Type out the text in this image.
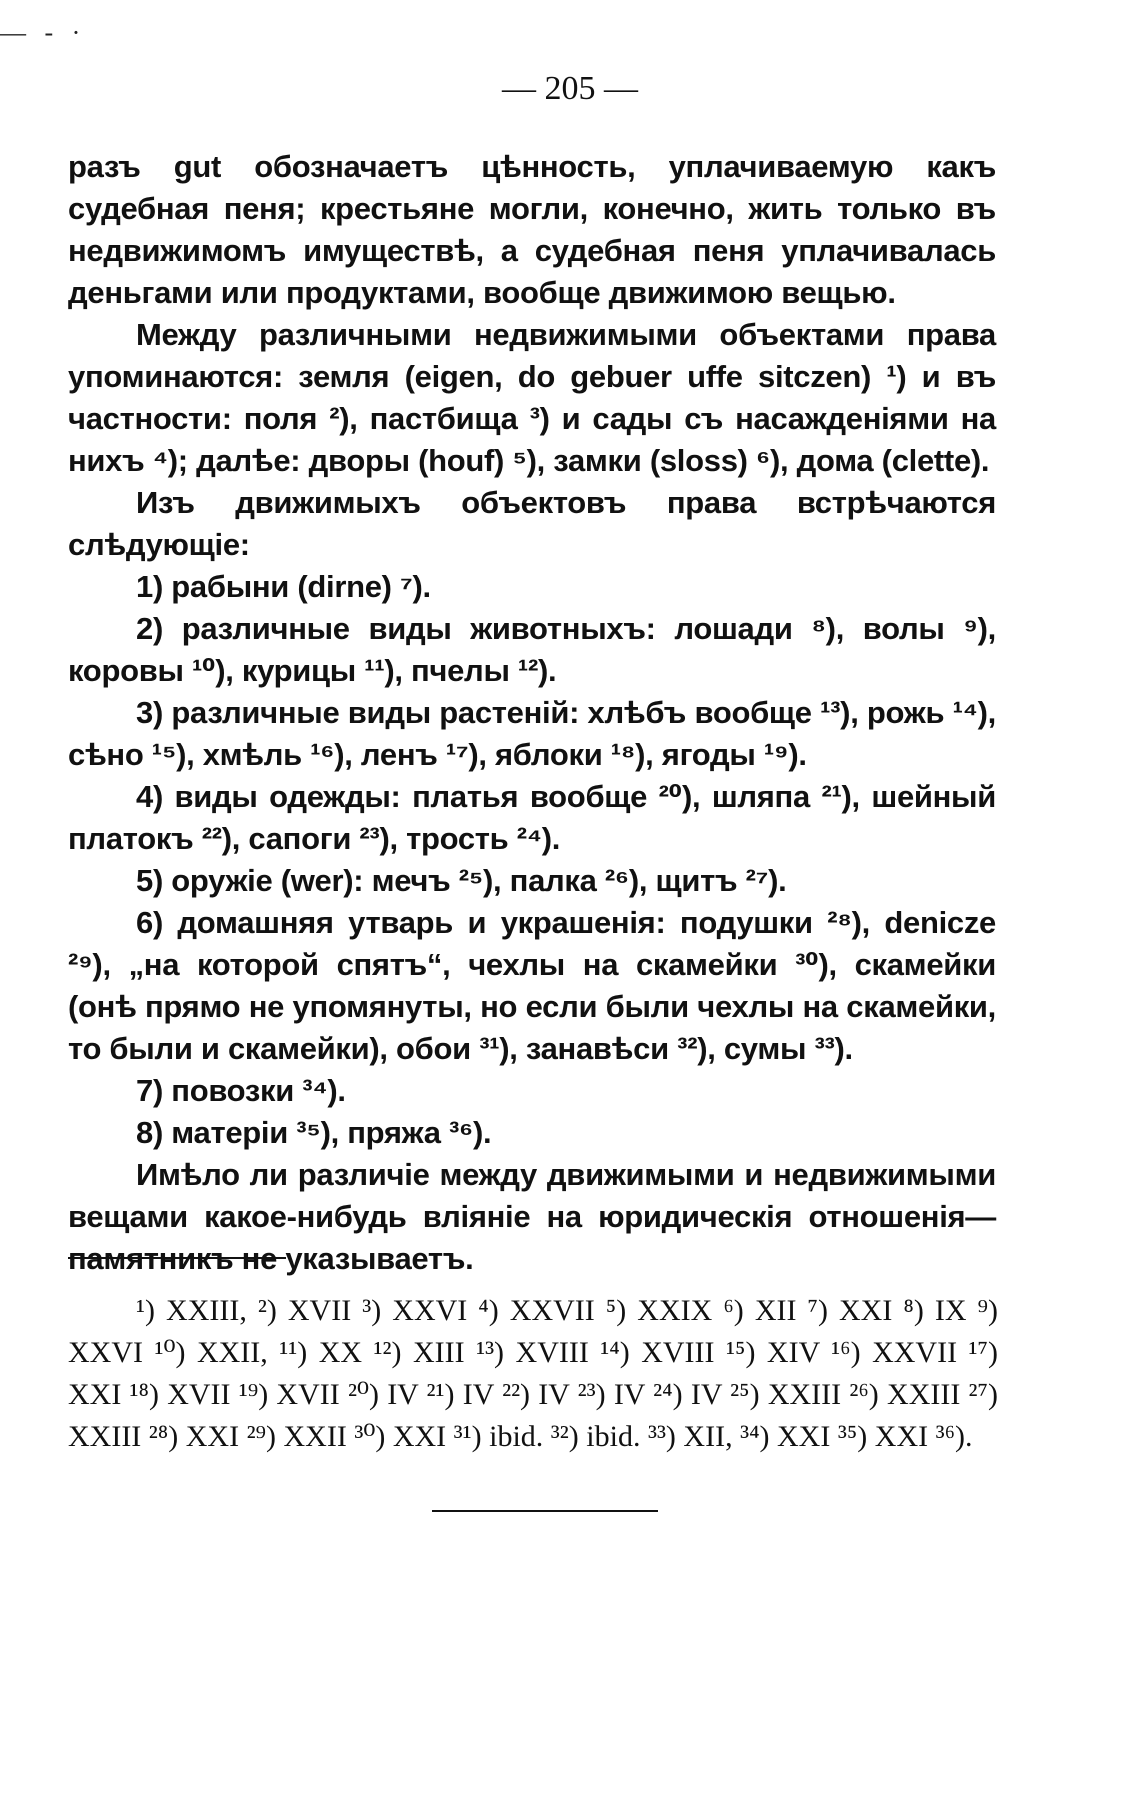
— - ·
— 205 —

разъ gut обозначаетъ цѣнность, уплачиваемую какъ судебная пеня; крестьяне могли, конечно, жить только въ недвижимомъ имуществѣ, а судебная пеня уплачивалась деньгами или продуктами, вообще движимою вещью.

Между различными недвижимыми объектами права упоминаются: земля (eigen, do gebuer uffe sitczen) ¹) и въ частности: поля ²), пастбища ³) и сады съ насажденіями на нихъ ⁴); далѣе: дворы (houf) ⁵), замки (sloss) ⁶), дома (clette).

Изъ движимыхъ объектовъ права встрѣчаются слѣдующіе:

1) рабыни (dirne) ⁷).

2) различные виды животныхъ: лошади ⁸), волы ⁹), коровы ¹⁰), курицы ¹¹), пчелы ¹²).

3) различные виды растеній: хлѣбъ вообще ¹³), рожь ¹⁴), сѣно ¹⁵), хмѣль ¹⁶), ленъ ¹⁷), яблоки ¹⁸), ягоды ¹⁹).

4) виды одежды: платья вообще ²⁰), шляпа ²¹), шейный платокъ ²²), сапоги ²³), трость ²⁴).

5) оружіе (wer): мечъ ²⁵), палка ²⁶), щитъ ²⁷).

6) домашняя утварь и украшенія: подушки ²⁸), denicze ²⁹), „на которой спятъ“, чехлы на скамейки ³⁰), скамейки (онѣ прямо не упомянуты, но если были чехлы на скамейки, то были и скамейки), обои ³¹), занавѣси ³²), сумы ³³).

7) повозки ³⁴).

8) матеріи ³⁵), пряжа ³⁶).

Имѣло ли различіе между движимыми и недвижимыми вещами какое-нибудь вліяніе на юридическія отношенія—памятникъ не указываетъ.

¹) XXIII, ²) XVII ³) XXVI ⁴) XXVII ⁵) XXIX ⁶) XII ⁷) XXI ⁸) IX ⁹) XXVI ¹⁰) XXII, ¹¹) XX ¹²) XIII ¹³) XVIII ¹⁴) XVIII ¹⁵) XIV ¹⁶) XXVII ¹⁷) XXI ¹⁸) XVII ¹⁹) XVII ²⁰) IV ²¹) IV ²²) IV ²³) IV ²⁴) IV ²⁵) XXIII ²⁶) XXIII ²⁷) XXIII ²⁸) XXI ²⁹) XXII ³⁰) XXI ³¹) ibid. ³²) ibid. ³³) XII, ³⁴) XXI ³⁵) XXI ³⁶).
